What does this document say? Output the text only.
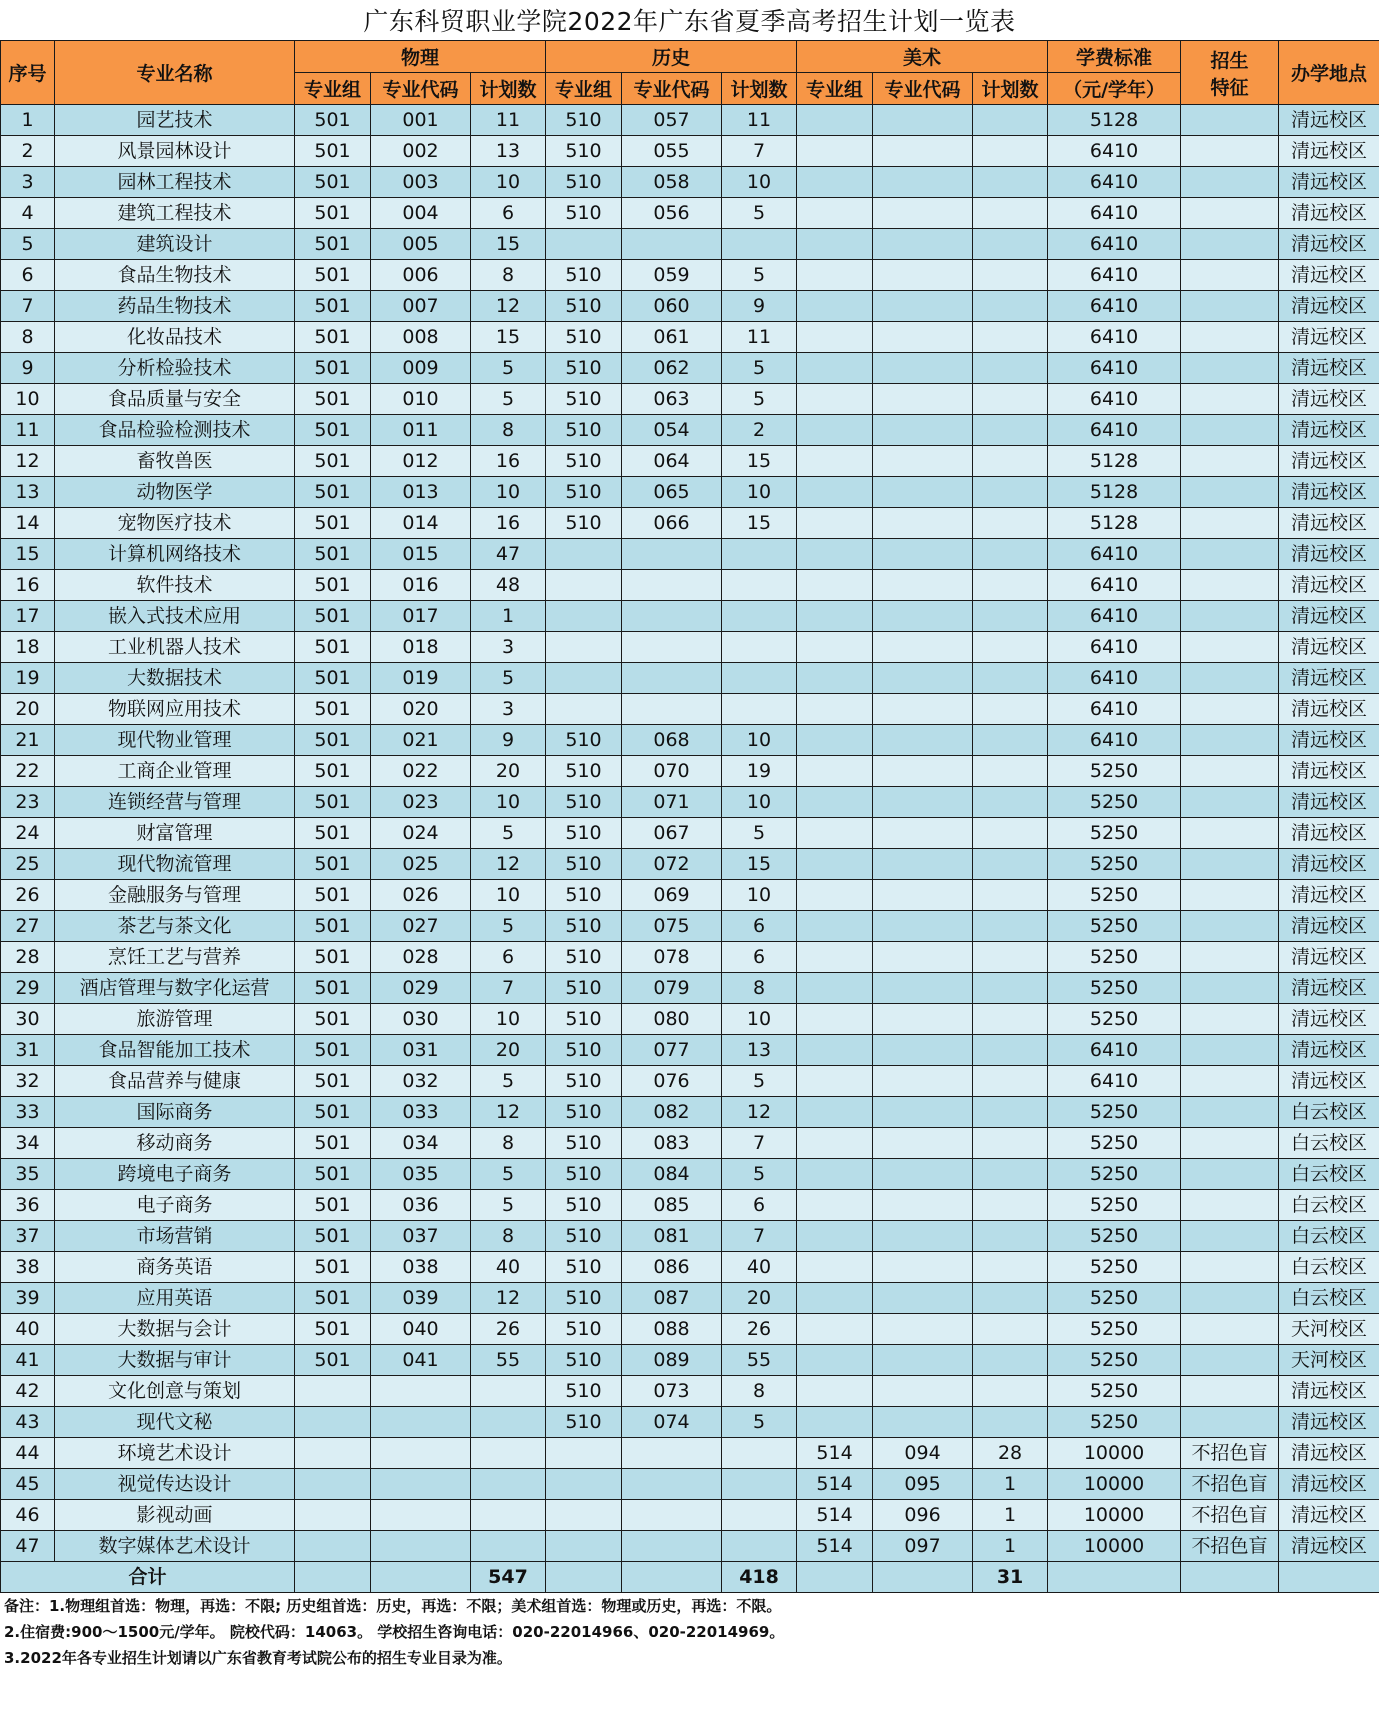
广东科贸职业学院2022年广东省夏季高考招生计划一览表
序号	专业名称	物理			历史			美术			学费标准	招生
特征	办学地点
		专业组	专业代码	计划数	专业组	专业代码	计划数	专业组	专业代码	计划数	（元/学年）		
1	园艺技术	501	001	11	510	057	11				5128		清远校区
2	风景园林设计	501	002	13	510	055	7				6410		清远校区
3	园林工程技术	501	003	10	510	058	10				6410		清远校区
4	建筑工程技术	501	004	6	510	056	5				6410		清远校区
5	建筑设计	501	005	15							6410		清远校区
6	食品生物技术	501	006	8	510	059	5				6410		清远校区
7	药品生物技术	501	007	12	510	060	9				6410		清远校区
8	化妆品技术	501	008	15	510	061	11				6410		清远校区
9	分析检验技术	501	009	5	510	062	5				6410		清远校区
10	食品质量与安全	501	010	5	510	063	5				6410		清远校区
11	食品检验检测技术	501	011	8	510	054	2				6410		清远校区
12	畜牧兽医	501	012	16	510	064	15				5128		清远校区
13	动物医学	501	013	10	510	065	10				5128		清远校区
14	宠物医疗技术	501	014	16	510	066	15				5128		清远校区
15	计算机网络技术	501	015	47							6410		清远校区
16	软件技术	501	016	48							6410		清远校区
17	嵌入式技术应用	501	017	1							6410		清远校区
18	工业机器人技术	501	018	3							6410		清远校区
19	大数据技术	501	019	5							6410		清远校区
20	物联网应用技术	501	020	3							6410		清远校区
21	现代物业管理	501	021	9	510	068	10				6410		清远校区
22	工商企业管理	501	022	20	510	070	19				5250		清远校区
23	连锁经营与管理	501	023	10	510	071	10				5250		清远校区
24	财富管理	501	024	5	510	067	5				5250		清远校区
25	现代物流管理	501	025	12	510	072	15				5250		清远校区
26	金融服务与管理	501	026	10	510	069	10				5250		清远校区
27	茶艺与茶文化	501	027	5	510	075	6				5250		清远校区
28	烹饪工艺与营养	501	028	6	510	078	6				5250		清远校区
29	酒店管理与数字化运营	501	029	7	510	079	8				5250		清远校区
30	旅游管理	501	030	10	510	080	10				5250		清远校区
31	食品智能加工技术	501	031	20	510	077	13				6410		清远校区
32	食品营养与健康	501	032	5	510	076	5				6410		清远校区
33	国际商务	501	033	12	510	082	12				5250		白云校区
34	移动商务	501	034	8	510	083	7				5250		白云校区
35	跨境电子商务	501	035	5	510	084	5				5250		白云校区
36	电子商务	501	036	5	510	085	6				5250		白云校区
37	市场营销	501	037	8	510	081	7				5250		白云校区
38	商务英语	501	038	40	510	086	40				5250		白云校区
39	应用英语	501	039	12	510	087	20				5250		白云校区
40	大数据与会计	501	040	26	510	088	26				5250		天河校区
41	大数据与审计	501	041	55	510	089	55				5250		天河校区
42	文化创意与策划				510	073	8				5250		清远校区
43	现代文秘				510	074	5				5250		清远校区
44	环境艺术设计							514	094	28	10000	不招色盲	清远校区
45	视觉传达设计							514	095	1	10000	不招色盲	清远校区
46	影视动画							514	096	1	10000	不招色盲	清远校区
47	数字媒体艺术设计							514	097	1	10000	不招色盲	清远校区
合计				547			418			31			
备注：1.物理组首选：物理，再选：不限; 历史组首选：历史，再选：不限；美术组首选：物理或历史，再选：不限。
2.住宿费:900～1500元/学年。 院校代码：14063。 学校招生咨询电话：020-22014966、020-22014969。
3.2022年各专业招生计划请以广东省教育考试院公布的招生专业目录为准。
